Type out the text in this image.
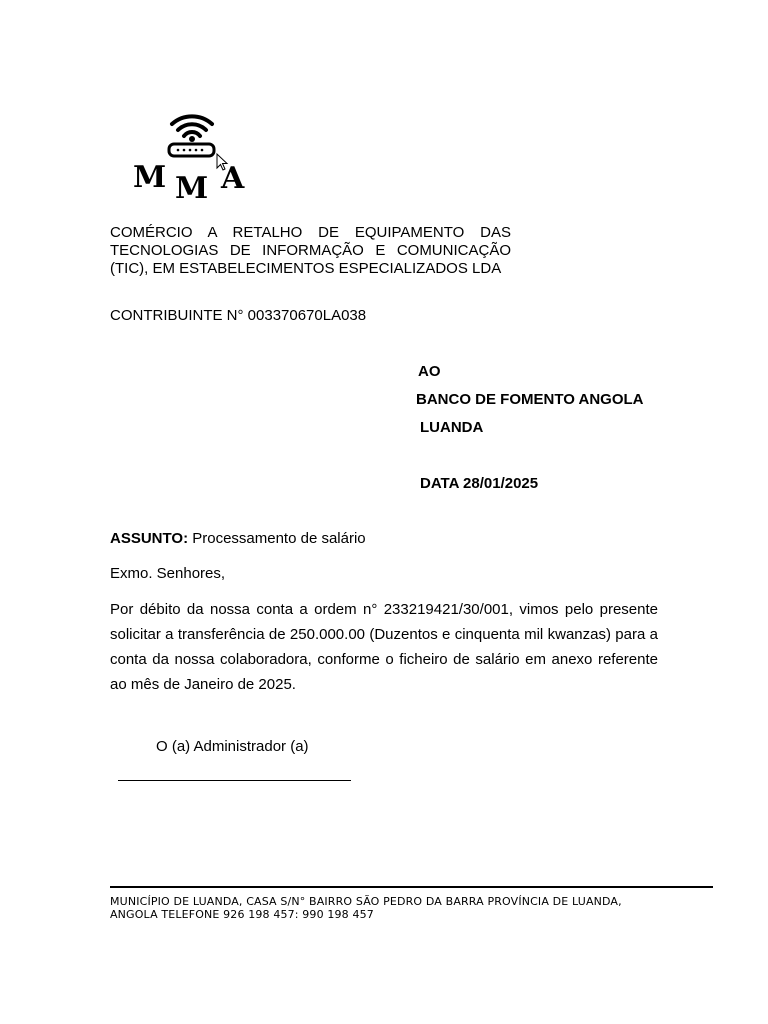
M M A
COMÉRCIO A RETALHO DE EQUIPAMENTO DAS TECNOLOGIAS DE INFORMAÇÃO E COMUNICAÇÃO (TIC), EM ESTABELECIMENTOS ESPECIALIZADOS LDA
CONTRIBUINTE N° 003370670LA038
AO
BANCO DE FOMENTO ANGOLA
LUANDA
DATA 28/01/2025
ASSUNTO: Processamento de salário
Exmo. Senhores,
Por débito da nossa conta a ordem n° 233219421/30/001, vimos pelo presente solicitar a transferência de 250.000.00 (Duzentos e cinquenta mil kwanzas) para a conta da nossa colaboradora, conforme o ficheiro de salário em anexo referente ao mês de Janeiro de 2025.
O (a) Administrador (a)
MUNICÍPIO DE LUANDA, CASA S/N° BAIRRO SÃO PEDRO DA BARRA PROVÍNCIA DE LUANDA, ANGOLA TELEFONE 926 198 457: 990 198 457
